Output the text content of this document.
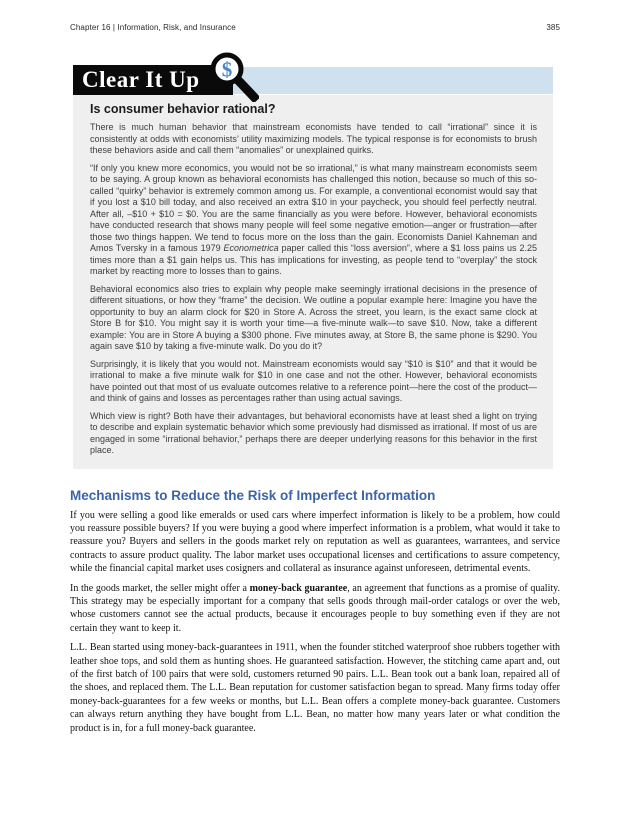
Chapter 16 | Information, Risk, and Insurance	385
Clear It Up $
Is consumer behavior rational?

There is much human behavior that mainstream economists have tended to call “irrational” since it is consistently at odds with economists’ utility maximizing models. The typical response is for economists to brush these behaviors aside and call them “anomalies” or unexplained quirks.

“If only you knew more economics, you would not be so irrational,” is what many mainstream economists seem to be saying. A group known as behavioral economists has challenged this notion, because so much of this so-called “quirky” behavior is extremely common among us. For example, a conventional economist would say that if you lost a $10 bill today, and also received an extra $10 in your paycheck, you should feel perfectly neutral. After all, –$10 + $10 = $0. You are the same financially as you were before. However, behavioral economists have conducted research that shows many people will feel some negative emotion—anger or frustration—after those two things happen. We tend to focus more on the loss than the gain. Economists Daniel Kahneman and Amos Tversky in a famous 1979 Econometrica paper called this “loss aversion”, where a $1 loss pains us 2.25 times more than a $1 gain helps us. This has implications for investing, as people tend to “overplay” the stock market by reacting more to losses than to gains.

Behavioral economics also tries to explain why people make seemingly irrational decisions in the presence of different situations, or how they “frame” the decision. We outline a popular example here: Imagine you have the opportunity to buy an alarm clock for $20 in Store A. Across the street, you learn, is the exact same clock at Store B for $10. You might say it is worth your time—a five-minute walk—to save $10. Now, take a different example: You are in Store A buying a $300 phone. Five minutes away, at Store B, the same phone is $290. You again save $10 by taking a five-minute walk. Do you do it?

Surprisingly, it is likely that you would not. Mainstream economists would say “$10 is $10” and that it would be irrational to make a five minute walk for $10 in one case and not the other. However, behavioral economists have pointed out that most of us evaluate outcomes relative to a reference point—here the cost of the product—and think of gains and losses as percentages rather than using actual savings.

Which view is right? Both have their advantages, but behavioral economists have at least shed a light on trying to describe and explain systematic behavior which some previously had dismissed as irrational. If most of us are engaged in some “irrational behavior,” perhaps there are deeper underlying reasons for this behavior in the first place.

Mechanisms to Reduce the Risk of Imperfect Information

If you were selling a good like emeralds or used cars where imperfect information is likely to be a problem, how could you reassure possible buyers? If you were buying a good where imperfect information is a problem, what would it take to reassure you? Buyers and sellers in the goods market rely on reputation as well as guarantees, warrantees, and service contracts to assure product quality. The labor market uses occupational licenses and certifications to assure competency, while the financial capital market uses cosigners and collateral as insurance against unforeseen, detrimental events.

In the goods market, the seller might offer a money-back guarantee, an agreement that functions as a promise of quality. This strategy may be especially important for a company that sells goods through mail-order catalogs or over the web, whose customers cannot see the actual products, because it encourages people to buy something even if they are not certain they want to keep it.

L.L. Bean started using money-back-guarantees in 1911, when the founder stitched waterproof shoe rubbers together with leather shoe tops, and sold them as hunting shoes. He guaranteed satisfaction. However, the stitching came apart and, out of the first batch of 100 pairs that were sold, customers returned 90 pairs. L.L. Bean took out a bank loan, repaired all of the shoes, and replaced them. The L.L. Bean reputation for customer satisfaction began to spread. Many firms today offer money-back-guarantees for a few weeks or months, but L.L. Bean offers a complete money-back guarantee. Customers can always return anything they have bought from L.L. Bean, no matter how many years later or what condition the product is in, for a full money-back guarantee.
